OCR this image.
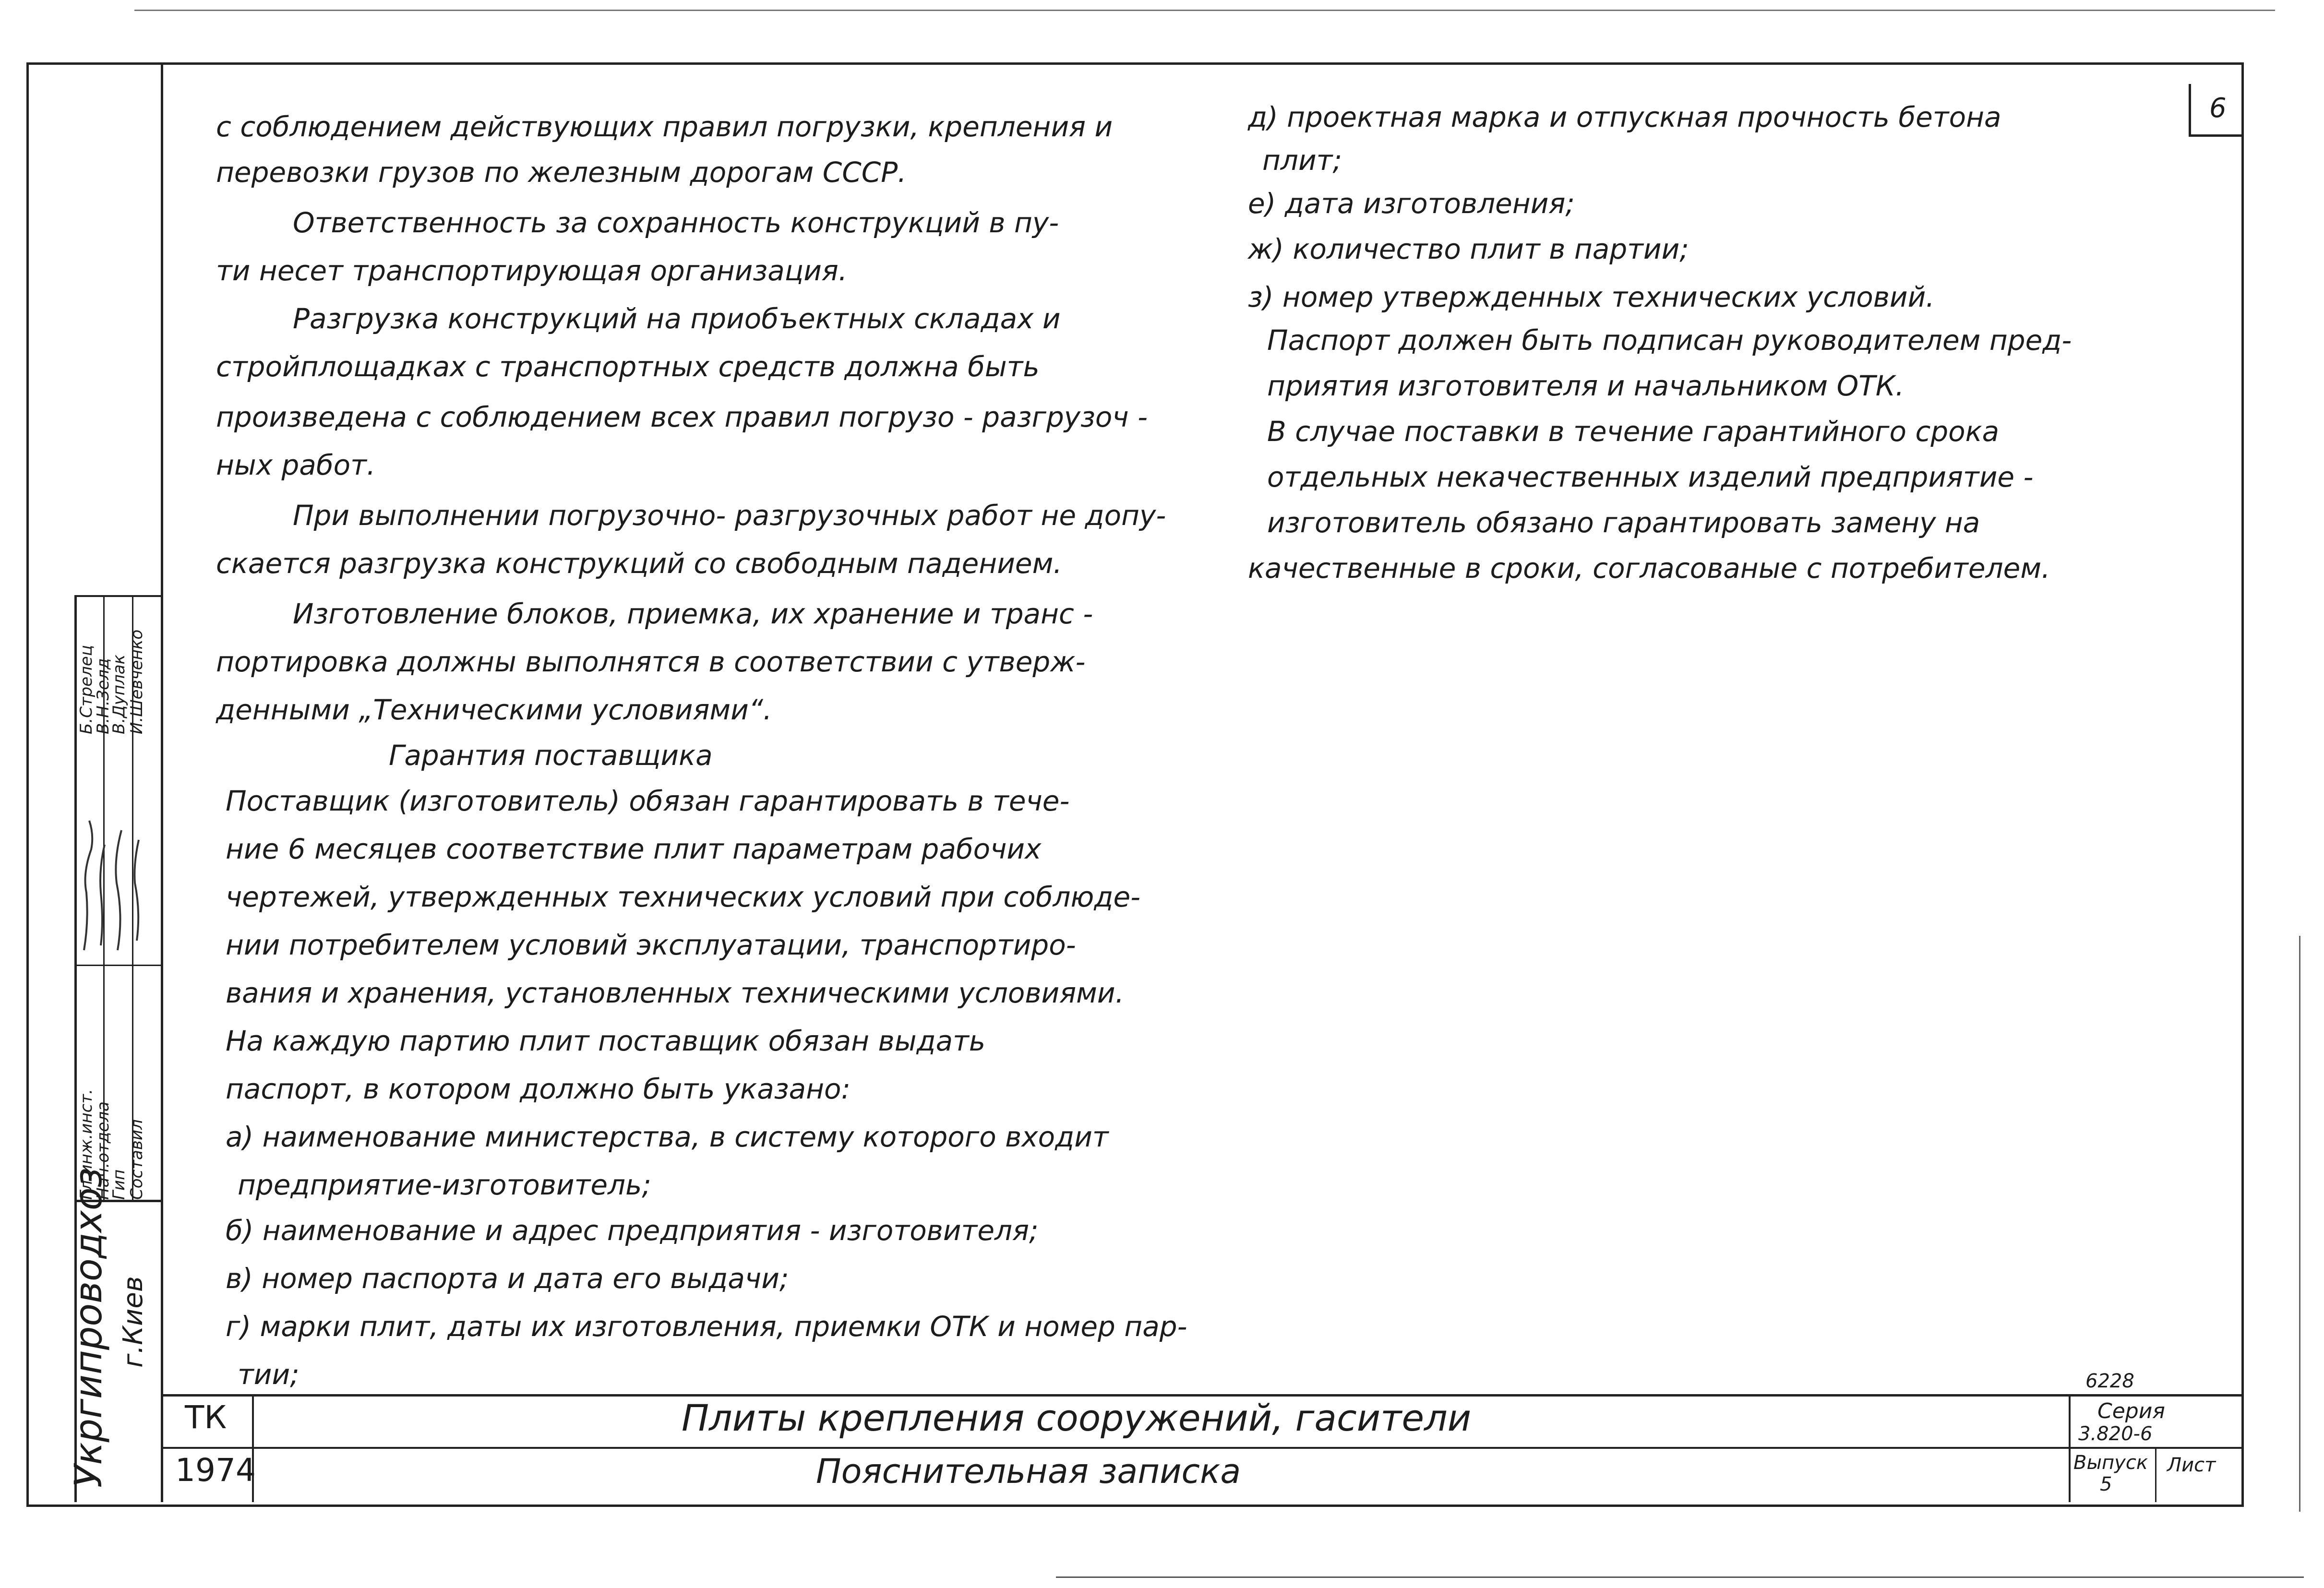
6

с соблюдением действующих правил погрузки, крепления и

перевозки грузов по железным дорогам СССР.

Ответственность за сохранность конструкций в пу-

ти несет транспортирующая организация.

Разгрузка конструкций на приобъектных складах и

стройплощадках с транспортных средств должна быть

произведена с соблюдением всех правил погрузо - разгрузоч -

ных работ.

При выполнении погрузочно- разгрузочных работ не допу-

скается разгрузка конструкций со свободным падением.

Изготовление блоков, приемка, их хранение и транс -

портировка должны выполнятся в соответствии с утверж-

денными „Техническими условиями“.

Гарантия поставщика

Поставщик (изготовитель) обязан гарантировать в тече-

ние 6 месяцев соответствие плит параметрам рабочих

чертежей, утвержденных технических условий при соблюде-

нии потребителем условий эксплуатации, транспортиро-

вания и хранения, установленных техническими условиями.

На каждую партию плит поставщик обязан выдать

паспорт, в котором должно быть указано:

а) наименование министерства, в систему которого входит

предприятие-изготовитель;

б) наименование и адрес предприятия - изготовителя;

в) номер паспорта и дата его выдачи;

г) марки плит, даты их изготовления, приемки ОТК и номер пар-

тии;

д) проектная марка и отпускная прочность бетона

плит;

е) дата изготовления;

ж) количество плит в партии;

з) номер утвержденных технических условий.

Паспорт должен быть подписан руководителем пред-

приятия изготовителя и начальником ОТК.

В случае поставки в течение гарантийного срока

отдельных некачественных изделий предприятие -

изготовитель обязано гарантировать замену на

качественные в сроки, согласованые с потребителем.

Гл.инж.инст.
Нач.отдела
Гип
Составил
Б.Стрелец
В.Н.Зелд
В.Дуплак
И.Шевченко
Укргипроводхоз г.Киев
ТК
1974
Плиты крепления сооружений, гасители
Пояснительная записка
6228
Серия
3.820-6
Выпуск
5
Лист
